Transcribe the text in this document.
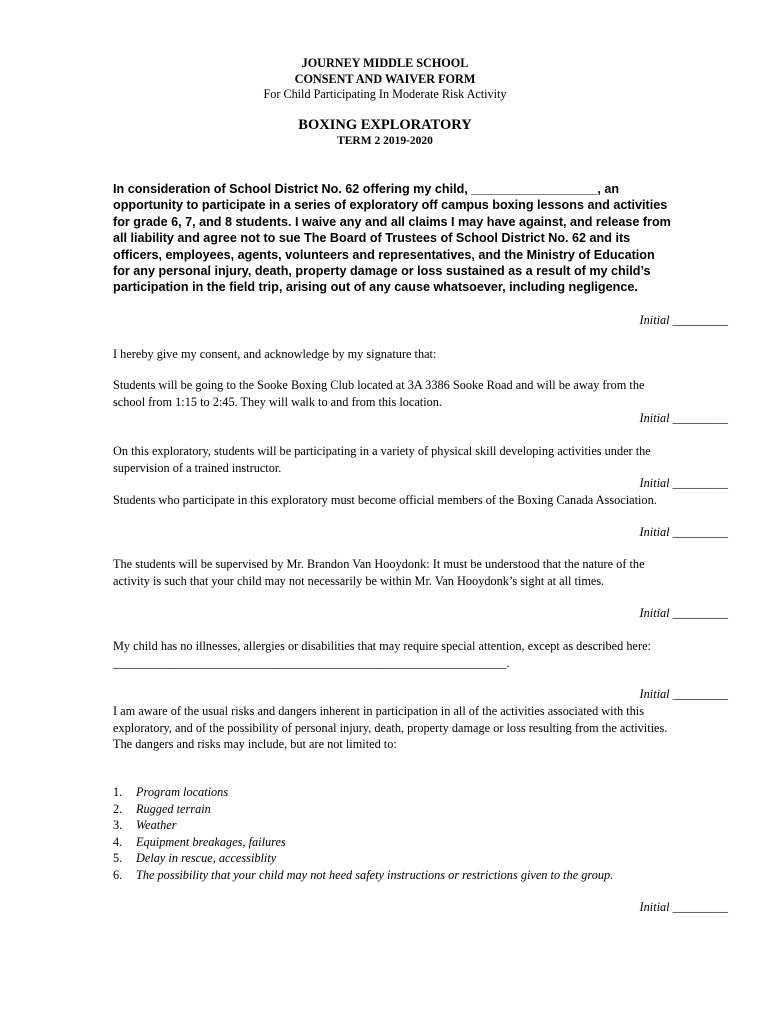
JOURNEY MIDDLE SCHOOL
CONSENT AND WAIVER FORM
For Child Participating In Moderate Risk Activity
BOXING EXPLORATORY
TERM 2 2019-2020
In consideration of School District No. 62 offering my child, __________________, an opportunity to participate in a series of exploratory off campus boxing lessons and activities for grade 6, 7, and 8 students. I waive any and all claims I may have against, and release from all liability and agree not to sue The Board of Trustees of School District No. 62 and its officers, employees, agents, volunteers and representatives, and the Ministry of Education for any personal injury, death, property damage or loss sustained as a result of my child’s participation in the field trip, arising out of any cause whatsoever, including negligence.
Initial _________
I hereby give my consent, and acknowledge by my signature that:
Students will be going to the Sooke Boxing Club located at 3A 3386 Sooke Road and will be away from the school from 1:15 to 2:45. They will walk to and from this location.
Initial _________
On this exploratory, students will be participating in a variety of physical skill developing activities under the supervision of a trained instructor.
Initial _________
Students who participate in this exploratory must become official members of the Boxing Canada Association.
Initial _________
The students will be supervised by Mr. Brandon Van Hooydonk: It must be understood that the nature of the activity is such that your child may not necessarily be within Mr. Van Hooydonk’s sight at all times.
Initial _________
My child has no illnesses, allergies or disabilities that may require special attention, except as described here: ________________________________________________________________.
Initial _________
I am aware of the usual risks and dangers inherent in participation in all of the activities associated with this exploratory, and of the possibility of personal injury, death, property damage or loss resulting from the activities. The dangers and risks may include, but are not limited to:
1.	Program locations
2.	Rugged terrain
3.	Weather
4.	Equipment breakages, failures
5.	Delay in rescue, accessiblity
6.	The possibility that your child may not heed safety instructions or restrictions given to the group.
Initial _________
